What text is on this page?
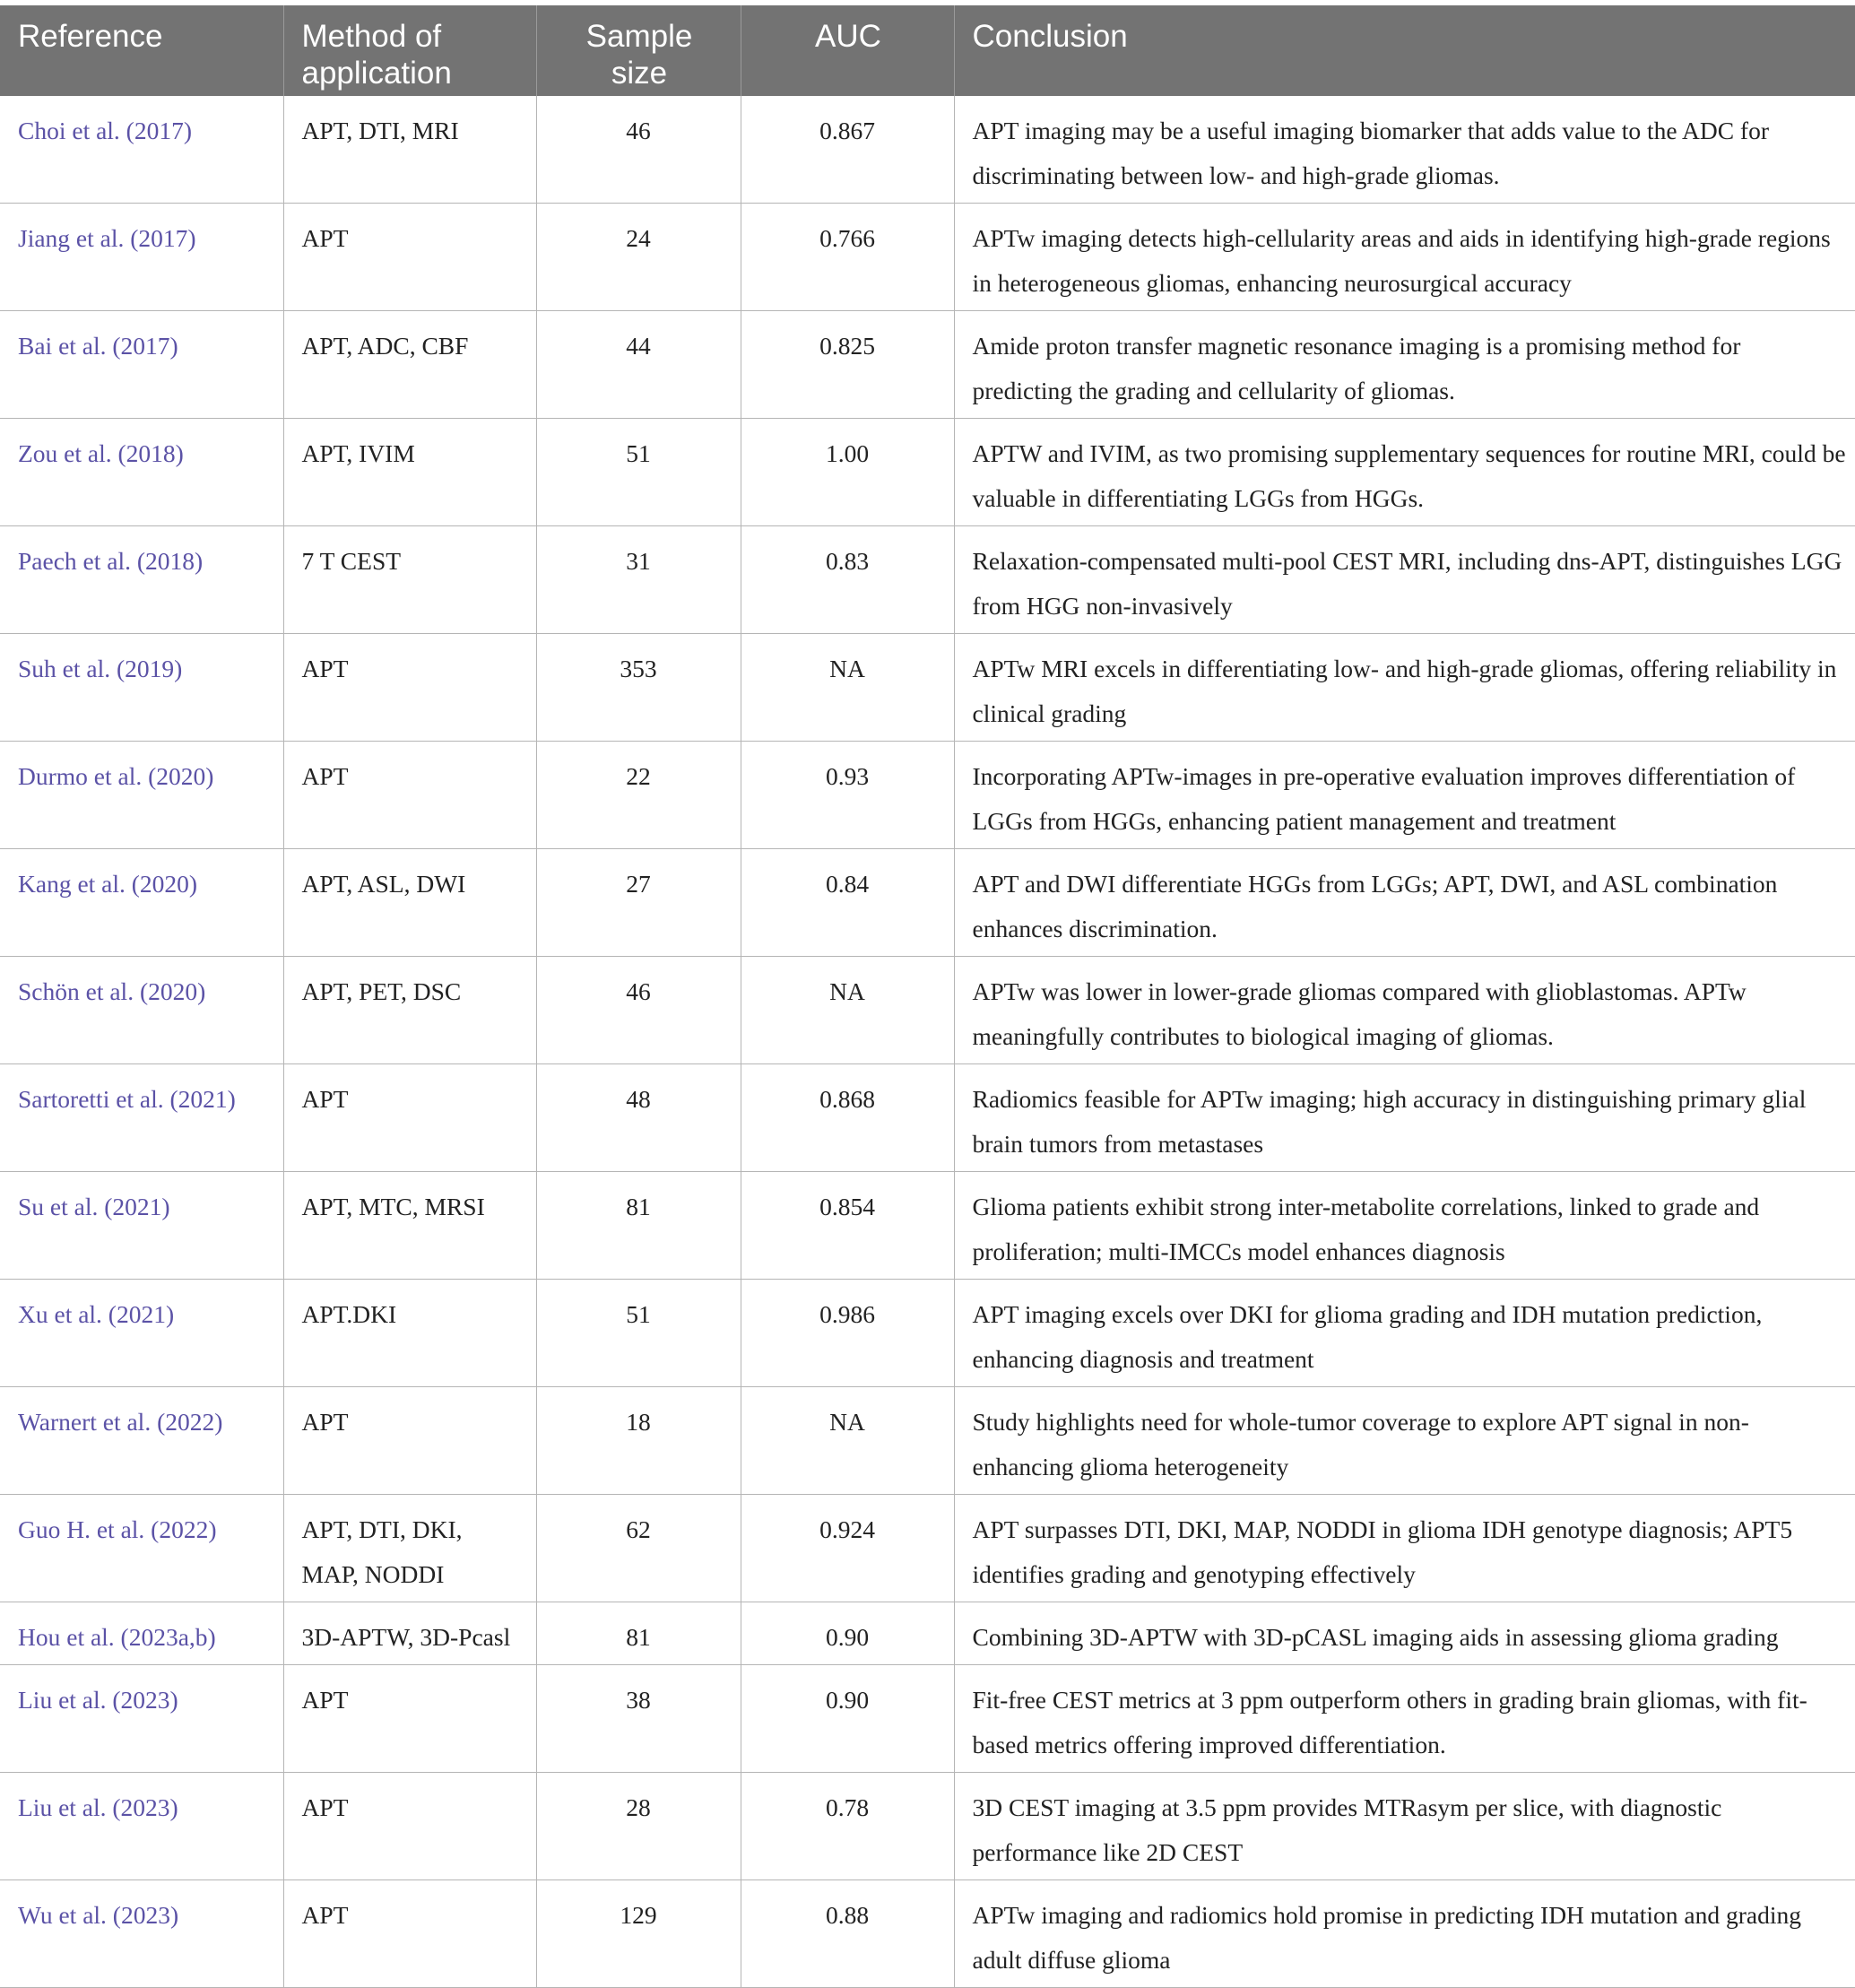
Reference	Method of application	Sample size	AUC	Conclusion
Choi et al. (2017)	APT, DTI, MRI	46	0.867	APT imaging may be a useful imaging biomarker that adds value to the ADC for discriminating between low- and high-grade gliomas.
Jiang et al. (2017)	APT	24	0.766	APTw imaging detects high-cellularity areas and aids in identifying high-grade regions in heterogeneous gliomas, enhancing neurosurgical accuracy
Bai et al. (2017)	APT, ADC, CBF	44	0.825	Amide proton transfer magnetic resonance imaging is a promising method for predicting the grading and cellularity of gliomas.
Zou et al. (2018)	APT, IVIM	51	1.00	APTW and IVIM, as two promising supplementary sequences for routine MRI, could be valuable in differentiating LGGs from HGGs.
Paech et al. (2018)	7 T CEST	31	0.83	Relaxation-compensated multi-pool CEST MRI, including dns-APT, distinguishes LGG from HGG non-invasively
Suh et al. (2019)	APT	353	NA	APTw MRI excels in differentiating low- and high-grade gliomas, offering reliability in clinical grading
Durmo et al. (2020)	APT	22	0.93	Incorporating APTw-images in pre-operative evaluation improves differentiation of LGGs from HGGs, enhancing patient management and treatment
Kang et al. (2020)	APT, ASL, DWI	27	0.84	APT and DWI differentiate HGGs from LGGs; APT, DWI, and ASL combination enhances discrimination.
Schön et al. (2020)	APT, PET, DSC	46	NA	APTw was lower in lower-grade gliomas compared with glioblastomas. APTw meaningfully contributes to biological imaging of gliomas.
Sartoretti et al. (2021)	APT	48	0.868	Radiomics feasible for APTw imaging; high accuracy in distinguishing primary glial brain tumors from metastases
Su et al. (2021)	APT, MTC, MRSI	81	0.854	Glioma patients exhibit strong inter-metabolite correlations, linked to grade and proliferation; multi-IMCCs model enhances diagnosis
Xu et al. (2021)	APT.DKI	51	0.986	APT imaging excels over DKI for glioma grading and IDH mutation prediction, enhancing diagnosis and treatment
Warnert et al. (2022)	APT	18	NA	Study highlights need for whole-tumor coverage to explore APT signal in non-enhancing glioma heterogeneity
Guo H. et al. (2022)	APT, DTI, DKI, MAP, NODDI	62	0.924	APT surpasses DTI, DKI, MAP, NODDI in glioma IDH genotype diagnosis; APT5 identifies grading and genotyping effectively
Hou et al. (2023a,b)	3D-APTW, 3D-Pcasl	81	0.90	Combining 3D-APTW with 3D-pCASL imaging aids in assessing glioma grading
Liu et al. (2023)	APT	38	0.90	Fit-free CEST metrics at 3 ppm outperform others in grading brain gliomas, with fit-based metrics offering improved differentiation.
Liu et al. (2023)	APT	28	0.78	3D CEST imaging at 3.5 ppm provides MTRasym per slice, with diagnostic performance like 2D CEST
Wu et al. (2023)	APT	129	0.88	APTw imaging and radiomics hold promise in predicting IDH mutation and grading adult diffuse glioma
